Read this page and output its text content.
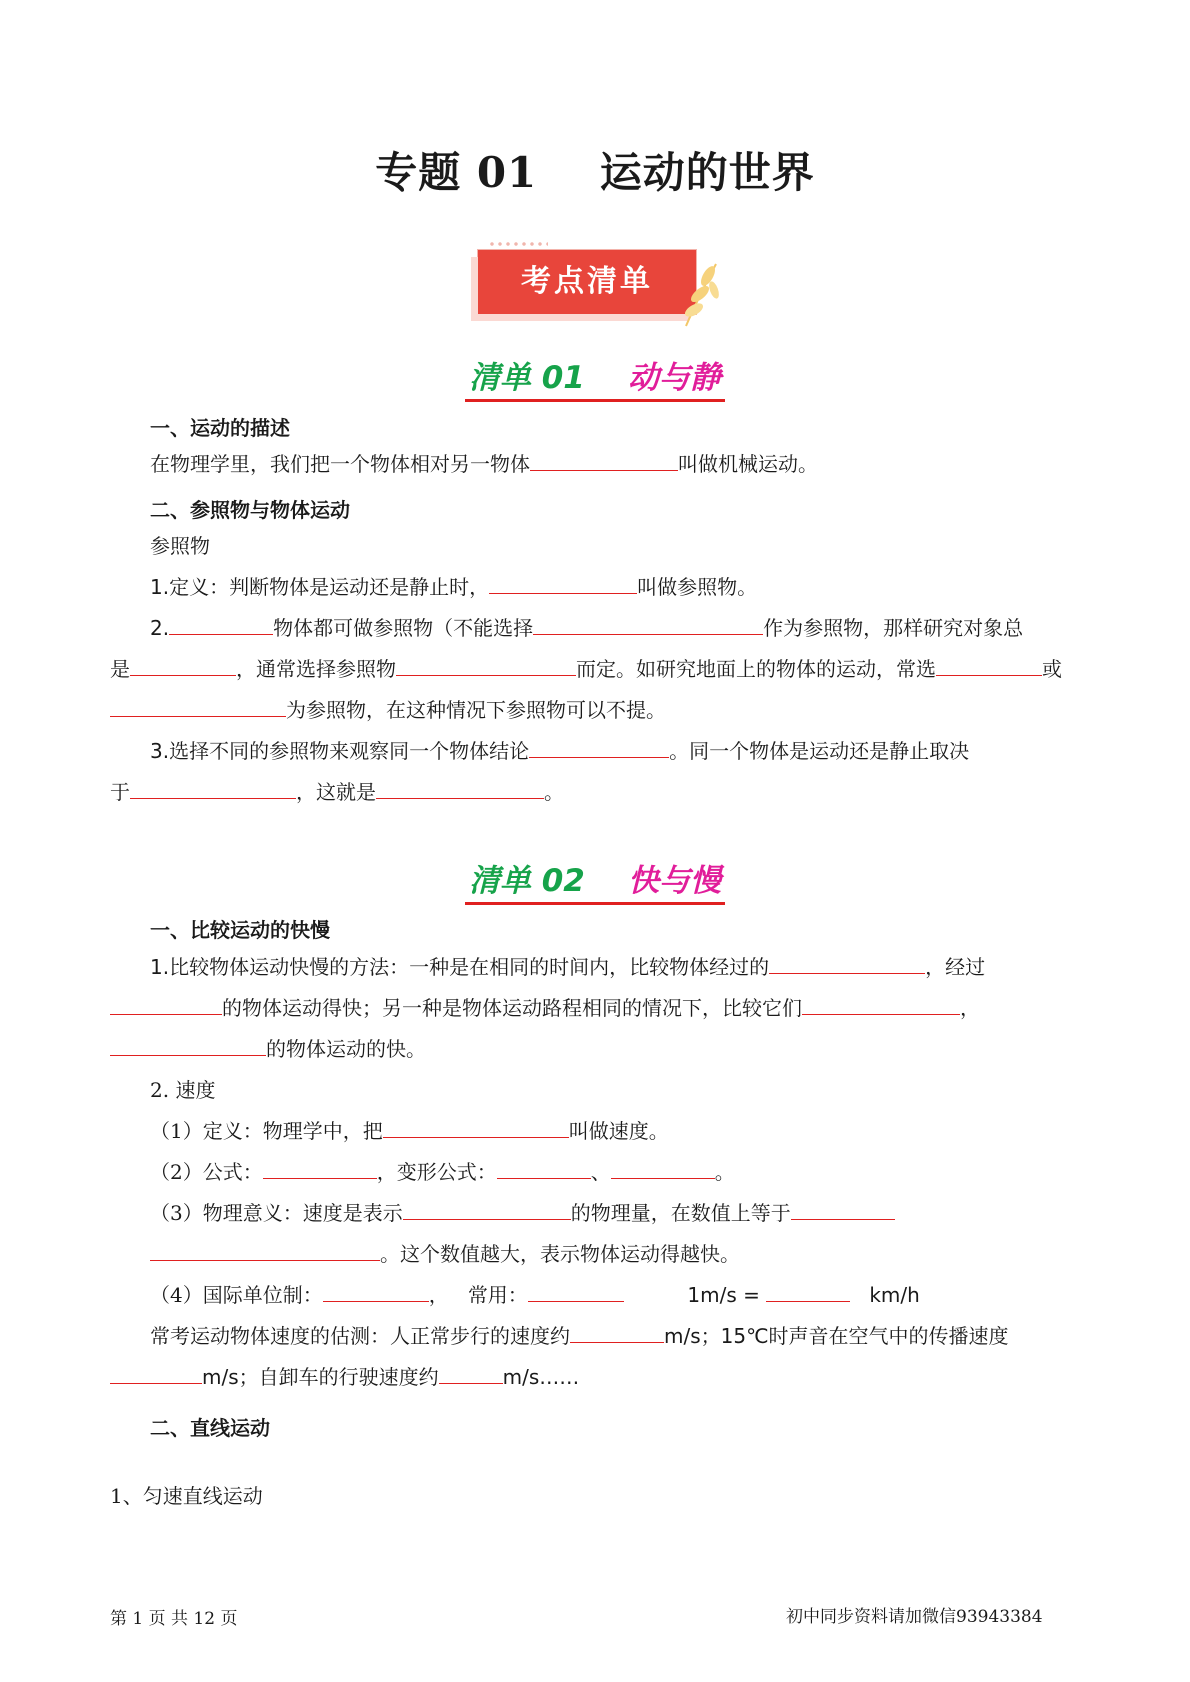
专题 01 运动的世界
考点清单
清单 01 动与静
一、运动的描述
在物理学里，我们把一个物体相对另一物体	叫做机械运动。
二、参照物与物体运动
参照物
1.定义：判断物体是运动还是静止时，	叫做参照物。
2.	物体都可做参照物（不能选择	作为参照物，那样研究对象总
是	，通常选择参照物	而定。如研究地面上的物体的运动，常选	或
为参照物，在这种情况下参照物可以不提。
3.选择不同的参照物来观察同一个物体结论	。同一个物体是运动还是静止取决
于	，这就是	。
清单 02 快与慢
一、比较运动的快慢
1.比较物体运动快慢的方法：一种是在相同的时间内，比较物体经过的	，经过
的物体运动得快；另一种是物体运动路程相同的情况下，比较它们	，
的物体运动的快。
2. 速度
（1）定义：物理学中，把	叫做速度。
（2）公式：	，变形公式：	、	。
（3）物理意义：速度是表示	的物理量，在数值上等于
。这个数值越大，表示物体运动得越快。
（4）国际单位制：	， 常用：	1m/s =	km/h
常考运动物体速度的估测：人正常步行的速度约	m/s；15℃时声音在空气中的传播速度
m/s；自卸车的行驶速度约	m/s……
二、直线运动
1、匀速直线运动
第 1 页 共 12 页	初中同步资料请加微信93943384
